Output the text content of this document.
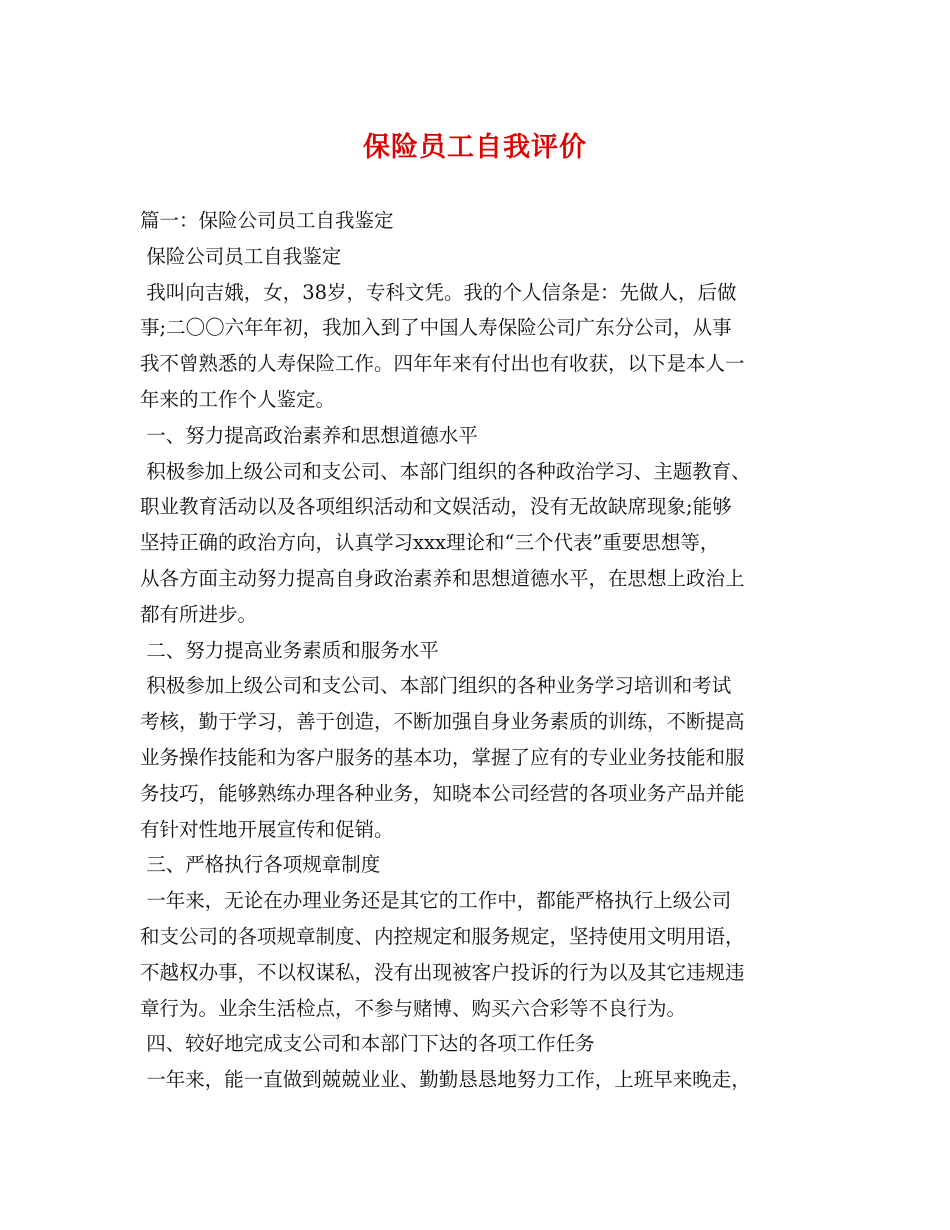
保险员工自我评价
篇一：保险公司员工自我鉴定
保险公司员工自我鉴定
我叫向吉娥，女，38岁，专科文凭。我的个人信条是：先做人，后做
事;二〇〇六年年初，我加入到了中国人寿保险公司广东分公司，从事
我不曾熟悉的人寿保险工作。四年年来有付出也有收获，以下是本人一
年来的工作个人鉴定。
一、努力提高政治素养和思想道德水平
积极参加上级公司和支公司、本部门组织的各种政治学习、主题教育、
职业教育活动以及各项组织活动和文娱活动，没有无故缺席现象;能够
坚持正确的政治方向，认真学习xxx理论和“三个代表”重要思想等，
从各方面主动努力提高自身政治素养和思想道德水平，在思想上政治上
都有所进步。
二、努力提高业务素质和服务水平
积极参加上级公司和支公司、本部门组织的各种业务学习培训和考试
考核，勤于学习，善于创造，不断加强自身业务素质的训练，不断提高
业务操作技能和为客户服务的基本功，掌握了应有的专业业务技能和服
务技巧，能够熟练办理各种业务，知晓本公司经营的各项业务产品并能
有针对性地开展宣传和促销。
三、严格执行各项规章制度
一年来，无论在办理业务还是其它的工作中，都能严格执行上级公司
和支公司的各项规章制度、内控规定和服务规定，坚持使用文明用语，
不越权办事，不以权谋私，没有出现被客户投诉的行为以及其它违规违
章行为。业余生活检点，不参与赌博、购买六合彩等不良行为。
四、较好地完成支公司和本部门下达的各项工作任务
一年来，能一直做到兢兢业业、勤勤恳恳地努力工作，上班早来晚走，
